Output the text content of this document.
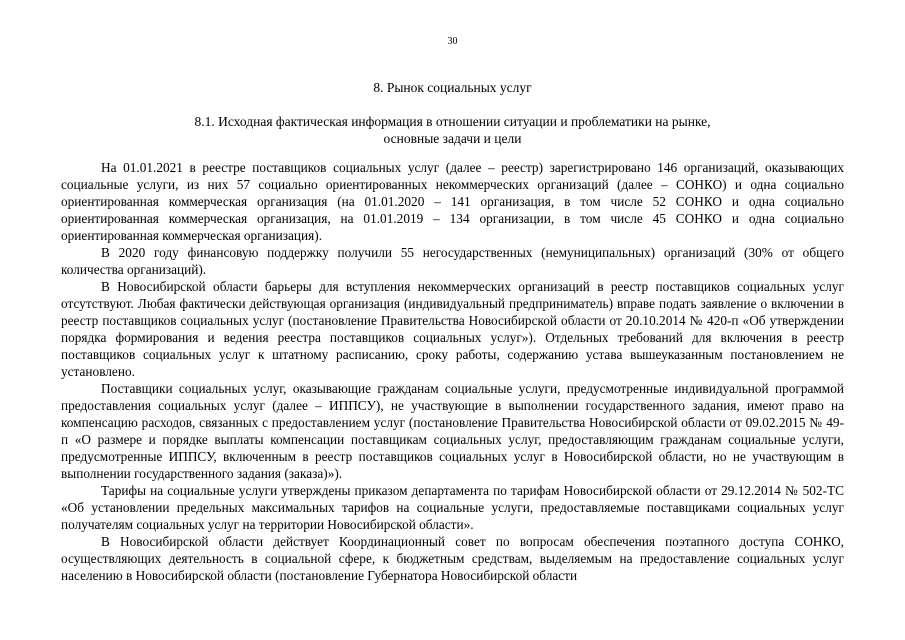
30
8. Рынок социальных услуг
8.1. Исходная фактическая информация в отношении ситуации и проблематики на рынке,
основные задачи и цели

На 01.01.2021 в реестре поставщиков социальных услуг (далее – реестр) зарегистрировано 146 организаций, оказывающих социальные услуги, из них 57 социально ориентированных некоммерческих организаций (далее – СОНКО) и одна социально ориентированная коммерческая организация (на 01.01.2020 – 141 организация, в том числе 52 СОНКО и одна социально ориентированная коммерческая организация, на 01.01.2019 – 134 организации, в том числе 45 СОНКО и одна социально ориентированная коммерческая организация).

В 2020 году финансовую поддержку получили 55 негосударственных (немуниципальных) организаций (30% от общего количества организаций).

В Новосибирской области барьеры для вступления некоммерческих организаций в реестр поставщиков социальных услуг отсутствуют. Любая фактически действующая организация (индивидуальный предприниматель) вправе подать заявление о включении в реестр поставщиков социальных услуг (постановление Правительства Новосибирской области от 20.10.2014 № 420-п «Об утверждении порядка формирования и ведения реестра поставщиков социальных услуг»). Отдельных требований для включения в реестр поставщиков социальных услуг к штатному расписанию, сроку работы, содержанию устава вышеуказанным постановлением не установлено.

Поставщики социальных услуг, оказывающие гражданам социальные услуги, предусмотренные индивидуальной программой предоставления социальных услуг (далее – ИППСУ), не участвующие в выполнении государственного задания, имеют право на компенсацию расходов, связанных с предоставлением услуг (постановление Правительства Новосибирской области от 09.02.2015 № 49-п «О размере и порядке выплаты компенсации поставщикам социальных услуг, предоставляющим гражданам социальные услуги, предусмотренные ИППСУ, включенным в реестр поставщиков социальных услуг в Новосибирской области, но не участвующим в выполнении государственного задания (заказа)»).

Тарифы на социальные услуги утверждены приказом департамента по тарифам Новосибирской области от 29.12.2014 № 502-ТС «Об установлении предельных максимальных тарифов на социальные услуги, предоставляемые поставщиками социальных услуг получателям социальных услуг на территории Новосибирской области».

В Новосибирской области действует Координационный совет по вопросам обеспечения поэтапного доступа СОНКО, осуществляющих деятельность в социальной сфере, к бюджетным средствам, выделяемым на предоставление социальных услуг населению в Новосибирской области (постановление Губернатора Новосибирской области
